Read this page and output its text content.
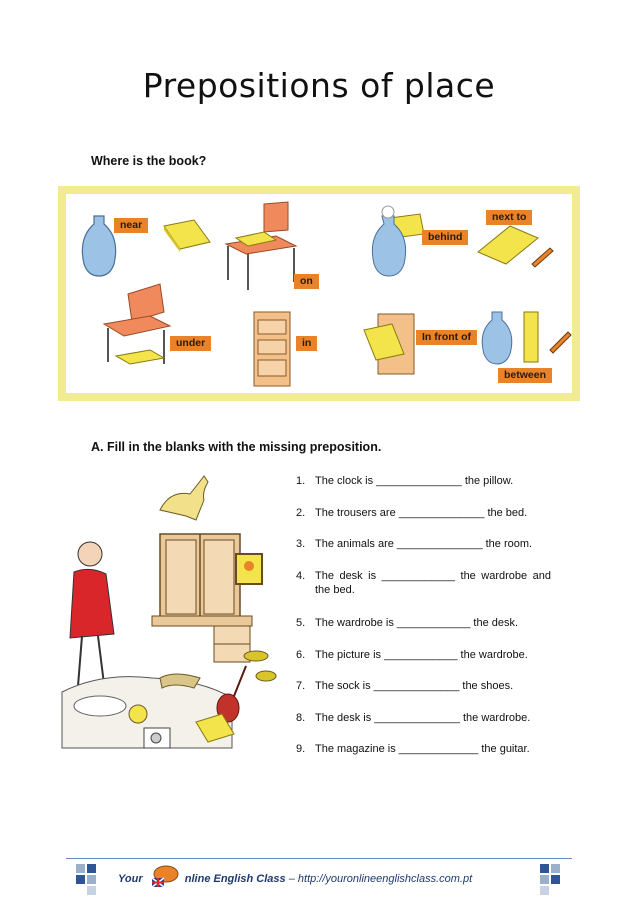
Prepositions of place
Where is the book?
near
next to
behind
on
under	in	In front of
between
A. Fill in the blanks with the missing preposition.
1. The clock is ______________ the pillow.
2. The trousers are ______________ the bed.
3. The animals are ______________ the room.
4. The desk is ____________ the wardrobe and the bed.
5. The wardrobe is ____________ the desk.
6. The picture is ____________ the wardrobe.
7. The sock is ______________ the shoes.
8. The desk is ______________ the wardrobe.
9. The magazine is _____________ the guitar.
Your	nline English Class – http://youronlineenglishclass.com.pt
